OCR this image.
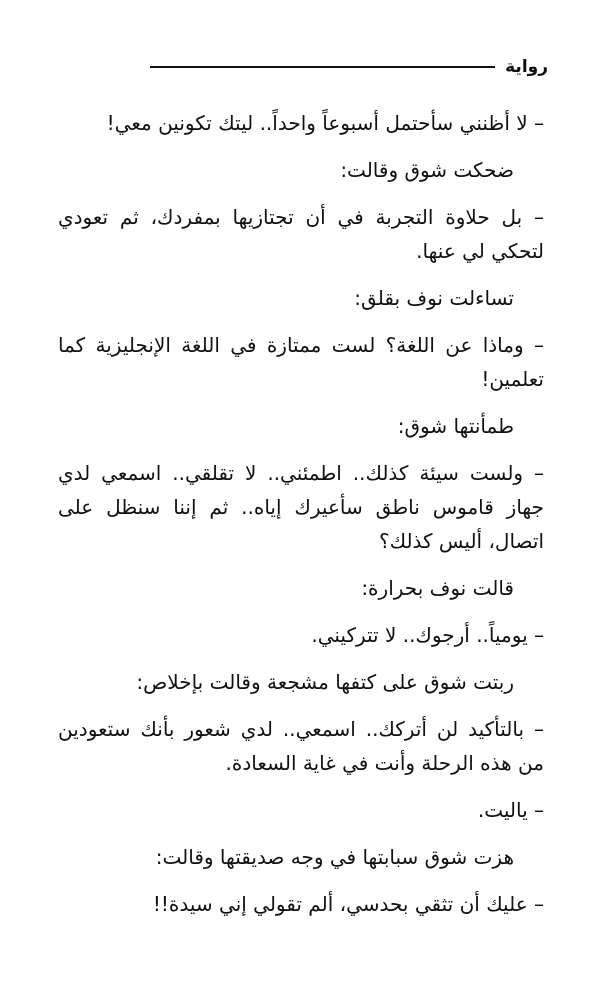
رواية

– لا أظنني سأحتمل أسبوعاً واحداً.. ليتك تكونين معي!

ضحكت شوق وقالت:

– بل حلاوة التجربة في أن تجتازيها بمفردك، ثم تعودي لتحكي لي عنها.

تساءلت نوف بقلق:

– وماذا عن اللغة؟ لست ممتازة في اللغة الإنجليزية كما تعلمين!

طمأنتها شوق:

– ولست سيئة كذلك.. اطمئني.. لا تقلقي.. اسمعي لدي جهاز قاموس ناطق سأعيرك إياه.. ثم إننا سنظل على اتصال، أليس كذلك؟

قالت نوف بحرارة:

– يومياً.. أرجوك.. لا تتركيني.

ربتت شوق على كتفها مشجعة وقالت بإخلاص:

– بالتأكيد لن أتركك.. اسمعي.. لدي شعور بأنك ستعودين من هذه الرحلة وأنت في غاية السعادة.

– ياليت.

هزت شوق سبابتها في وجه صديقتها وقالت:

– عليك أن تثقي بحدسي، ألم تقولي إني سيدة!!
